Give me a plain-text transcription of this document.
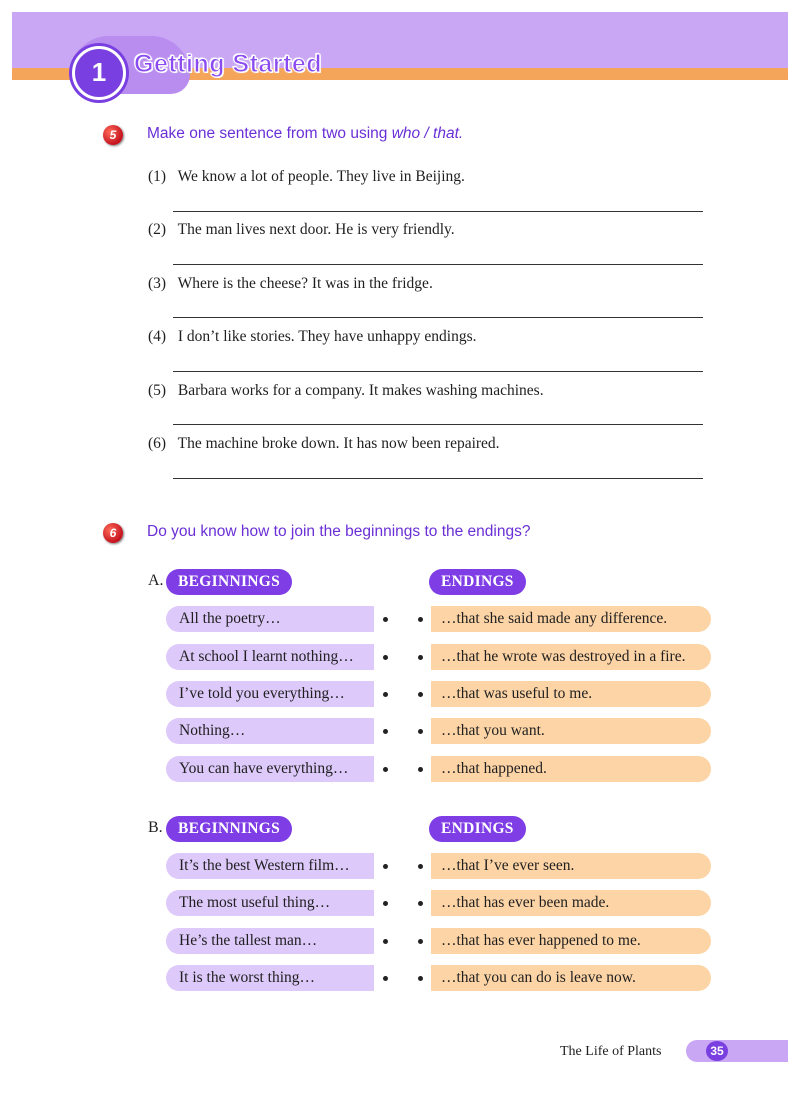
1	Getting Started
5	Make one sentence from two using who / that.
(1) We know a lot of people. They live in Beijing.
(2) The man lives next door. He is very friendly.
(3) Where is the cheese? It was in the fridge.
(4) I don’t like stories. They have unhappy endings.
(5) Barbara works for a company. It makes washing machines.
(6) The machine broke down. It has now been repaired.
6	Do you know how to join the beginnings to the endings?
A. BEGINNINGS	ENDINGS
All the poetry…	…that she said made any difference.
At school I learnt nothing…	…that he wrote was destroyed in a fire.
I’ve told you everything…	…that was useful to me.
Nothing…	…that you want.
You can have everything…	…that happened.
B. BEGINNINGS	ENDINGS
It’s the best Western film…	…that I’ve ever seen.
The most useful thing…	…that has ever been made.
He’s the tallest man…	…that has ever happened to me.
It is the worst thing…	…that you can do is leave now.
The Life of Plants	35
